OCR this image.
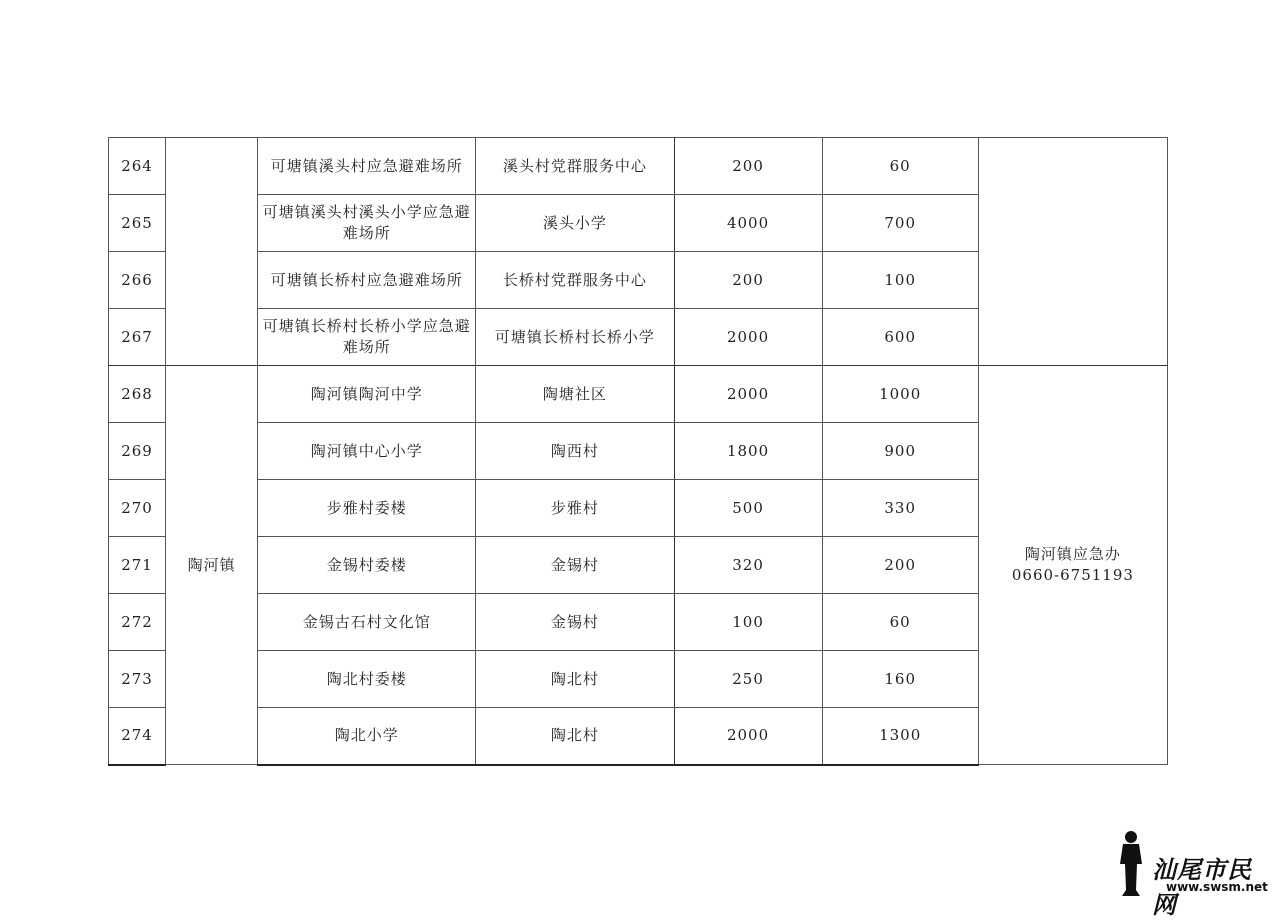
264		可塘镇溪头村应急避难场所	溪头村党群服务中心	200	60	
265		可塘镇溪头村溪头小学应急避难场所	溪头小学	4000	700	
266		可塘镇长桥村应急避难场所	长桥村党群服务中心	200	100	
267		可塘镇长桥村长桥小学应急避难场所	可塘镇长桥村长桥小学	2000	600	
268	陶河镇	陶河镇陶河中学	陶塘社区	2000	1000	陶河镇应急办
0660-6751193

269		陶河镇中心小学	陶西村	1800	900	
270		步雅村委楼	步雅村	500	330	
271		金锡村委楼	金锡村	320	200	
272		金锡古石村文化馆	金锡村	100	60	
273		陶北村委楼	陶北村	250	160	
274		陶北小学	陶北村	2000	1300	
汕尾市民网
www.swsm.net
